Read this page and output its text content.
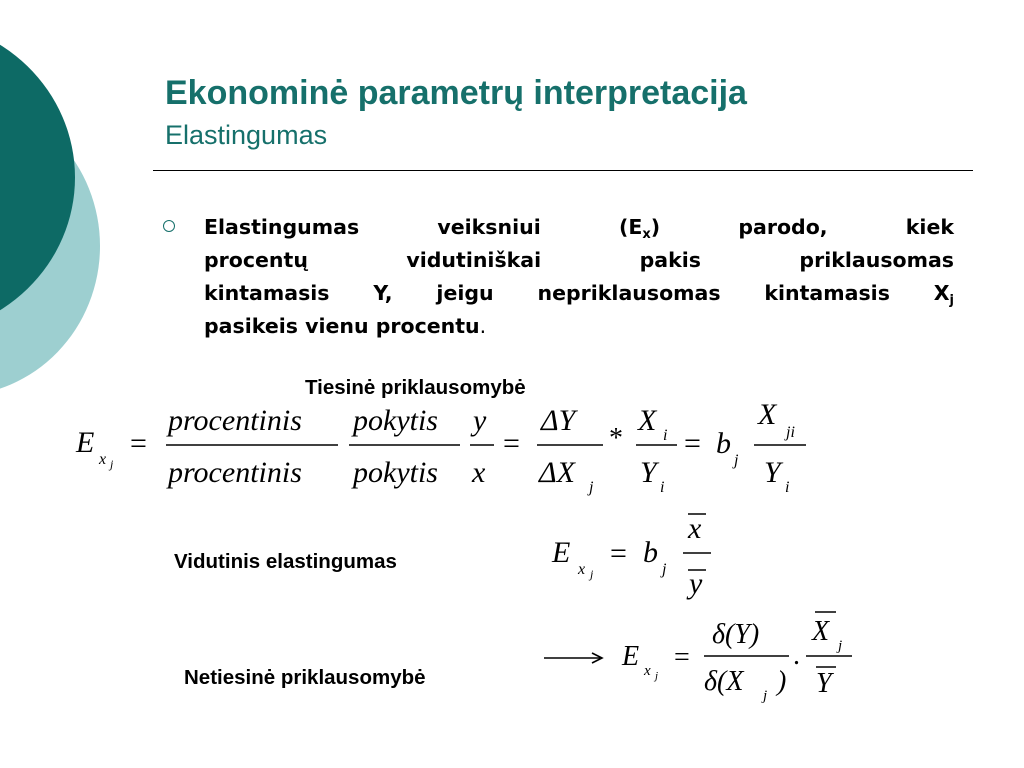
Ekonominė parametrų interpretacija
Elastingumas
Elastingumas veiksniui $(E_x)$ parodo, kiek
procentų vidutiniškai pakis priklausomas
kintamasis Y, jeigu nepriklausomas kintamasis $X_j$
pasikeis vienu procentu.
Tiesinė priklausomybė
Vidutinis elastingumas
Netiesinė priklausomybė
E
x j
=
procentinis pokytis
procentinis pokytis
y
x
=
ΔY
ΔX j
*
X i
Y i
= b
j
X
ji
Y i
E
x j
= b
j
x
y
E x j
=
δ(Y)
δ(X j )
.
X j
Y
